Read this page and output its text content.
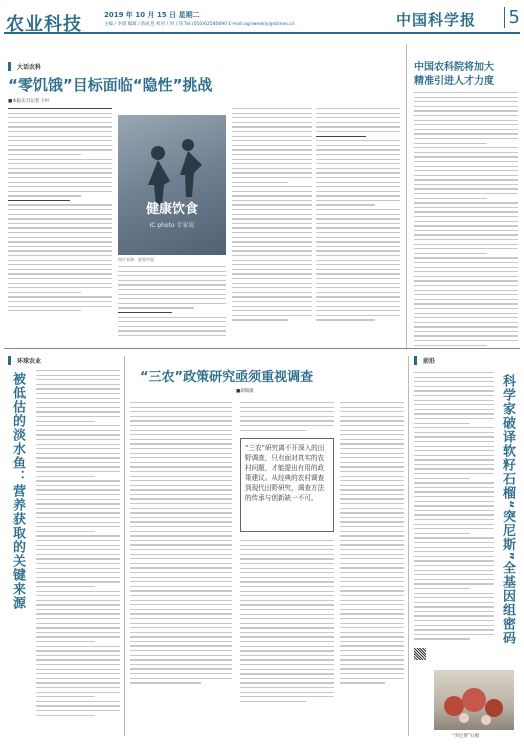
农业科技	2019 年 10 月 15 日 星期二
主编 / 李晨 编辑 / 陈祉意 校对 / 何工伟 Tel:(010)62580690 E-mail:agriweekly@stimes.cn	中国科学报 5
大话农科
“零饥饿”目标面临“隐性”挑战
■本报实习记者 卜叶
健康饮食
IC photo 专家说
图片来源：视觉中国
中国农科院将加大
精准引进人才力度
环球农业
被低估的淡水鱼：营养获取的关键来源	“三农”政策研究亟须重视调查
■胡瑞康
“三农”研究离不开深入的田野调查，只有面对真实的农村问题，才能提出有用的政策建议。从经典的农村调查到现代田野研究，调查方法的传承与创新缺一不可。
前沿
科学家破译软籽石榴“突尼斯”全基因组密码
“突尼斯”石榴
